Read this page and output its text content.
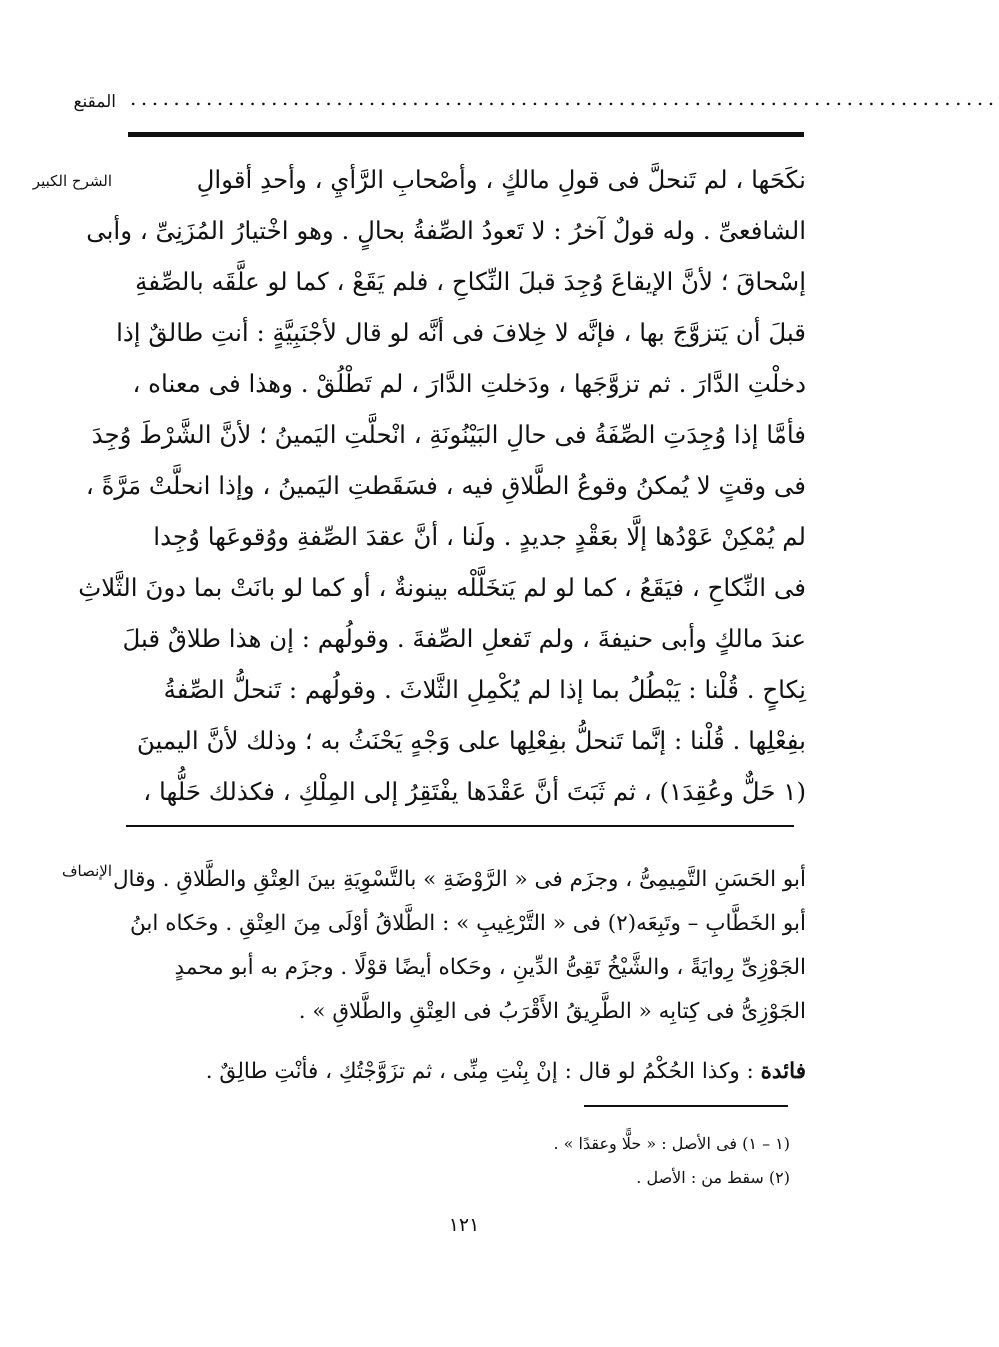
المقنع ................................................................................
الشرح الكبير	نكَحَها ، لم تَنحلَّ فى قولِ مالكٍ ، وأصْحابِ الرَّأيِ ، وأحدِ أقوالِ
الشافعىِّ . وله قولٌ آخرُ : لا تَعودُ الصِّفةُ بحالٍ . وهو اخْتيارُ المُزَنِىِّ ، وأبى
إسْحاقَ ؛ لأنَّ الإيقاعَ وُجِدَ قبلَ النِّكاحِ ، فلم يَقَعْ ، كما لو علَّقَه بالصِّفةِ
قبلَ أن يَتزوَّجَ بها ، فإنَّه لا خِلافَ فى أنَّه لو قال لأجْنَبِيَّةٍ : أنتِ طالقٌ إذا
دخلْتِ الدَّارَ . ثم تزوَّجَها ، ودَخلتِ الدَّارَ ، لم تَطْلُقْ . وهذا فى معناه ،
فأمَّا إذا وُجِدَتِ الصِّفَةُ فى حالِ البَيْنُونَةِ ، انْحلَّتِ اليَمينُ ؛ لأنَّ الشَّرْطَ وُجِدَ
فى وقتٍ لا يُمكنُ وقوعُ الطَّلاقِ فيه ، فسَقَطتِ اليَمينُ ، وإذا انحلَّتْ مَرَّةً ،
لم يُمْكِنْ عَوْدُها إلَّا بعَقْدٍ جديدٍ . ولَنا ، أنَّ عقدَ الصِّفةِ ووُقوعَها وُجِدا
فى النِّكاحِ ، فيَقَعُ ، كما لو لم يَتخَلَّلْه بينونةٌ ، أو كما لو بانَتْ بما دونَ الثَّلاثِ
عندَ مالكٍ وأبى حنيفةَ ، ولم تَفعلِ الصِّفةَ . وقولُهم : إن هذا طلاقٌ قبلَ
نِكاحٍ . قُلْنا : يَبْطُلُ بما إذا لم يُكْمِلِ الثَّلاثَ . وقولُهم : تَنحلُّ الصِّفةُ
بفِعْلِها . قُلْنا : إنَّما تَنحلُّ بفِعْلِها على وَجْهٍ يَحْنَثُ به ؛ وذلك لأنَّ اليمينَ
(١ حَلٌّ وعُقِدَ١) ، ثم ثَبَتَ أنَّ عَقْدَها يفْتَقِرُ إلى المِلْكِ ، فكذلك حَلُّها ،
الإنصاف أبو الحَسَنِ التَّمِيمِىُّ ، وجزَم فى « الرَّوْضَةِ » بالتَّسْوِيَةِ بينَ العِتْقِ والطَّلاقِ . وقال
أبو الخَطَّابِ – وتَبِعَه(٢) فى « التَّرْغِيبِ » : الطَّلاقُ أوْلَى مِنَ العِتْقِ . وحَكاه ابنُ
الجَوْزِىِّ رِوايَةً ، والشَّيْخُ تَقِىُّ الدِّينِ ، وحَكاه أيضًا قوْلًا . وجزَم به أبو محمدٍ
الجَوْزِىُّ فى كِتابِه « الطَّرِيقُ الأَقْرَبُ فى العِتْقِ والطَّلاقِ » .
فائدة : وكذا الحُكْمُ لو قال : إنْ بِنْتِ مِنِّى ، ثم تزَوَّجْتُكِ ، فأنْتِ طالِقٌ .
(١ – ١) فى الأصل : « حلًّا وعقدًا » .
(٢) سقط من : الأصل .
١٢١
